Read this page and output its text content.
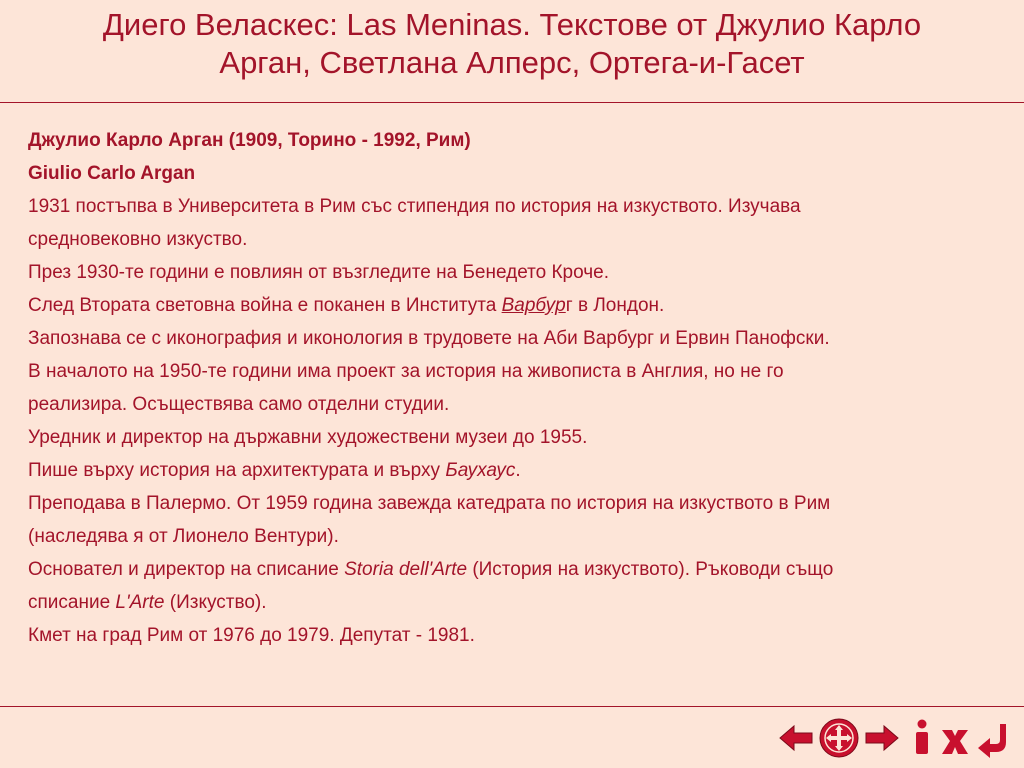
Диего Веласкес: Las Meninas. Текстове от Джулио Карло
Арган, Светлана Алперс, Ортега-и-Гасет
Джулио Карло Арган (1909, Торино - 1992, Рим)
Giulio Carlo Argan
1931 постъпва в Университета в Рим със стипендия по история на изкуството. Изучава
средновековно изкуство.
През 1930-те години е повлиян от възгледите на Бенедето Кроче.
След Втората световна война е поканен в Института Варбург в Лондон.
Запознава се с иконография и иконология в трудовете на Аби Варбург и Ервин Панофски.
В началото на 1950-те години има проект за история на живописта в Англия, но не го
реализира. Осъществява само отделни студии.
Уредник и директор на държавни художествени музеи до 1955.
Пише върху история на архитектурата и върху Баухаус.
Преподава в Палермо. От 1959 година завежда катедрата по история на изкуството в Рим
(наследява я от Лионело Вентури).
Основател и директор на списание Storia dell'Arte (История на изкуството). Ръководи също
списание L'Arte (Изкуство).
Кмет на град Рим от 1976 до 1979. Депутат - 1981.
